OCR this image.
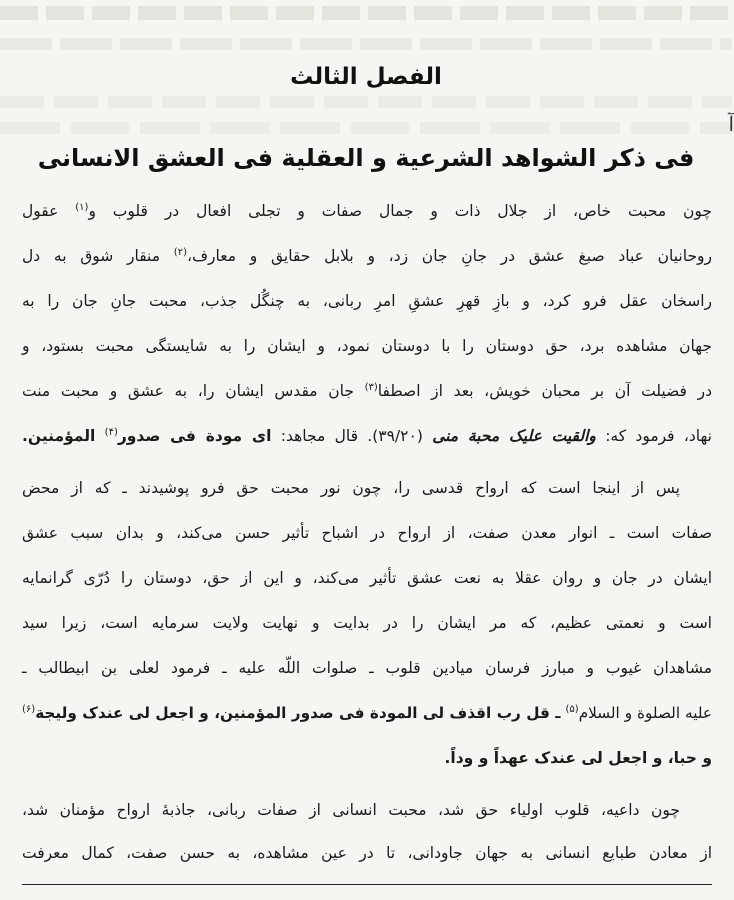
آ
الفصل الثالث
فی ذکر الشواهد الشرعیة و العقلیة فی العشق الانسانی
چون محبت خاص، از جلال ذات و جمال صفات و تجلی افعال در قلوب و$^{(۱)}$ عقول
روحانیان عباد صبغ عشق در جانِ جان زد، و بلابل حقایق و معارف،$^{(۲)}$ منقار شوق به دل
راسخان عقل فرو کرد، و بازِ قهرِ عشقِ امرِ ربانی، به چنگُل جذب، محبت جانِ جان را به
جهان مشاهده برد، حق دوستان را با دوستان نمود، و ایشان را به شایستگی محبت بستود، و
در فضیلت آن بر محبان خویش، بعد از اصطفا$^{(۳)}$ جان مقدس ایشان را، به عشق و محبت منت
نهاد، فرمود که: والقیت علیک محبة منی (۳۹/۲۰). قال مجاهد: ای مودة فی صدور$^{(۴)}$ المؤمنین.
پس از اینجا است که ارواح قدسی را، چون نور محبت حق فرو پوشیدند ـ که از محض
صفات است ـ انوار معدن صفت، از ارواح در اشباح تأثیر حسن می‌کند، و بدان سبب عشق
ایشان در جان و روان عقلا به نعت عشق تأثیر می‌کند، و این از حق، دوستان را دُرّی گرانمایه
است و نعمتی عظیم، که مر ایشان را در بدایت و نهایت ولایت سرمایه است، زیرا سید
مشاهدان غیوب و مبارز فرسان میادین قلوب ـ صلوات اللّه علیه ـ فرمود لعلی بن ابیطالب ـ
علیه الصلوة و السلام$^{(۵)}$ ـ قل رب اقذف لی المودة فی صدور المؤمنین، و اجعل لی عندک ولیجة$^{(۶)}$
و حبا، و اجعل لی عندک عهداً و وداً.
چون داعیه، قلوب اولیاء حق شد، محبت انسانی از صفات ربانی، جاذبهٔ ارواح مؤمنان شد،
از معادن طبایع انسانی به جهان جاودانی، تا در عین مشاهده، به حسن صفت، کمال معرفت
